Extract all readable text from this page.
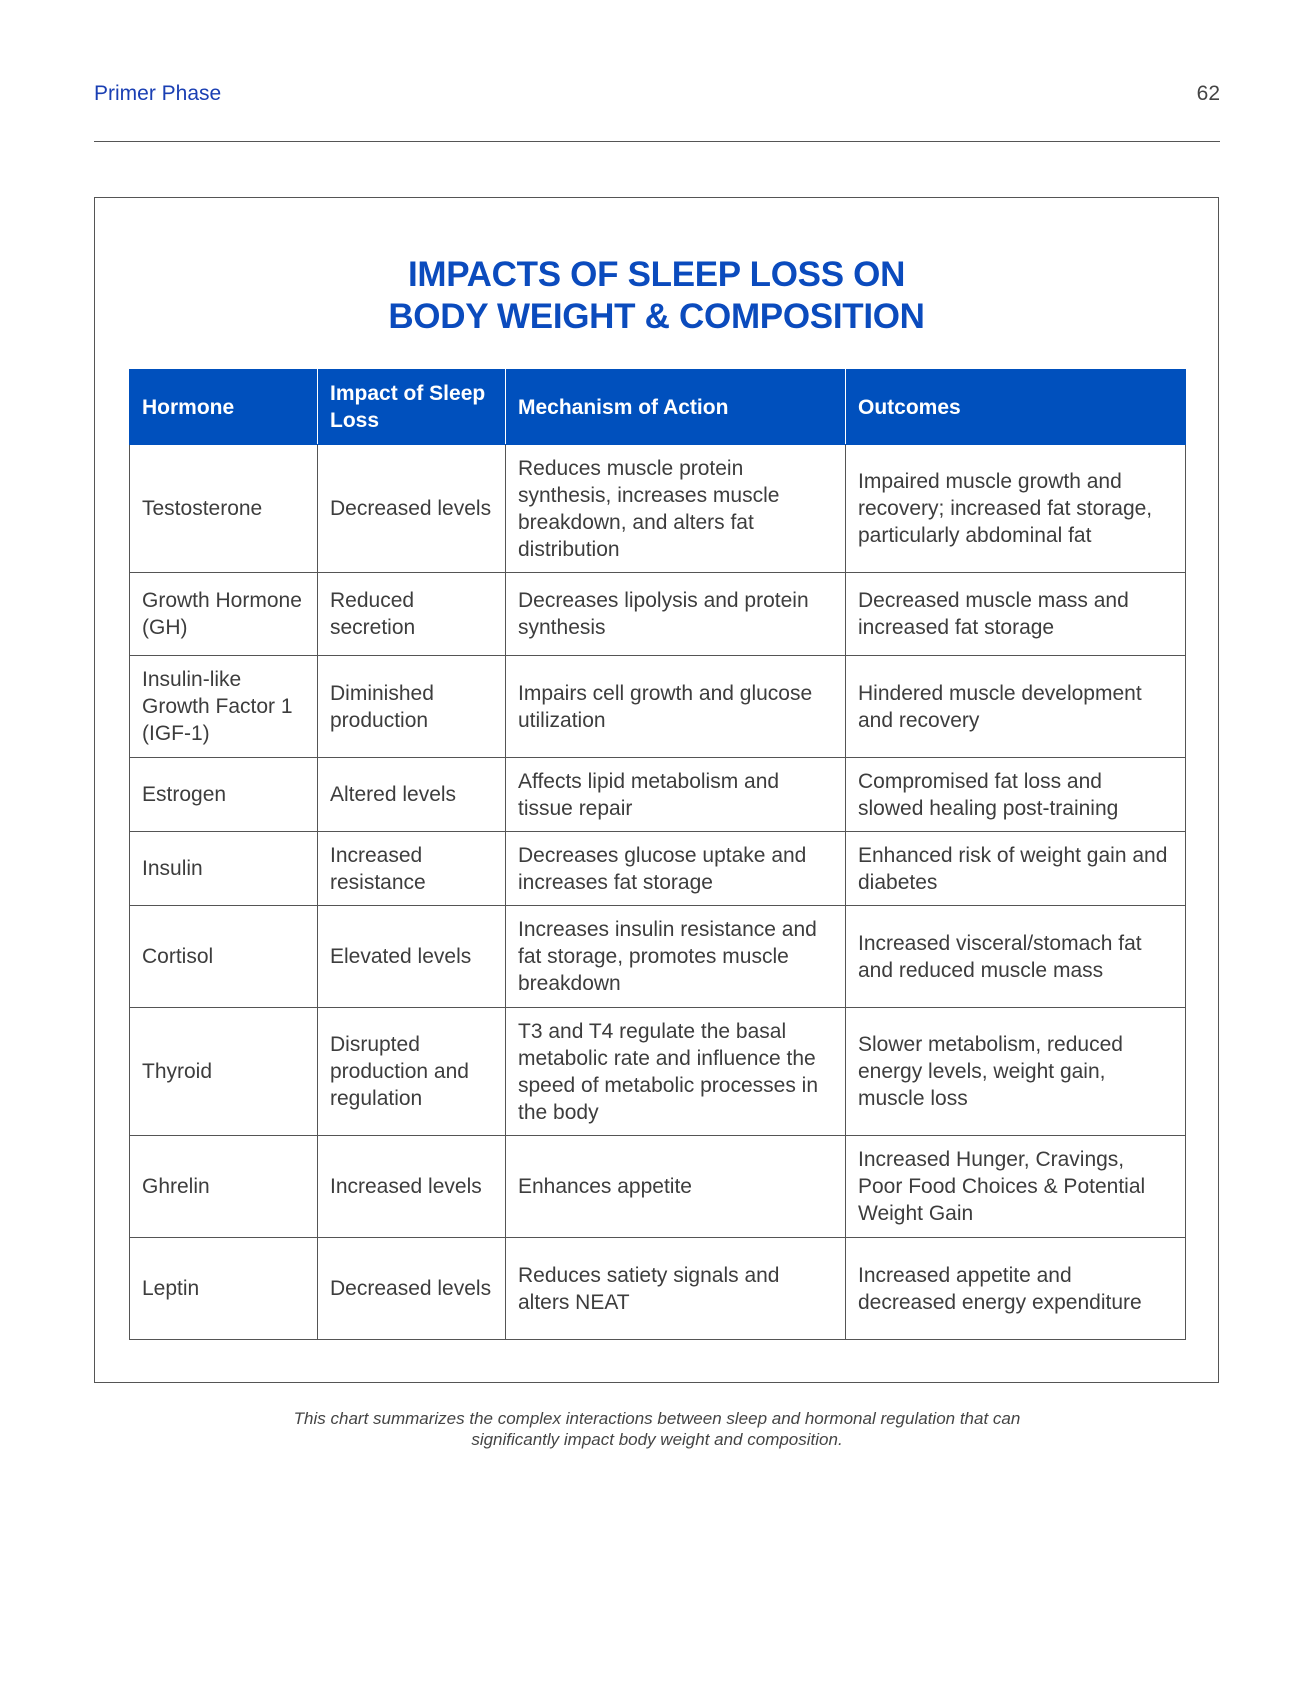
Primer Phase	62
IMPACTS OF SLEEP LOSS ON
BODY WEIGHT & COMPOSITION
Hormone	Impact of Sleep Loss	Mechanism of Action	Outcomes
Testosterone	Decreased levels	Reduces muscle protein synthesis, increases muscle breakdown, and alters fat distribution	Impaired muscle growth and recovery; increased fat storage, particularly abdominal fat
Growth Hormone (GH)	Reduced secretion	Decreases lipolysis and protein synthesis	Decreased muscle mass and increased fat storage
Insulin-like Growth Factor 1 (IGF-1)	Diminished production	Impairs cell growth and glucose utilization	Hindered muscle development and recovery
Estrogen	Altered levels	Affects lipid metabolism and tissue repair	Compromised fat loss and slowed healing post-training
Insulin	Increased resistance	Decreases glucose uptake and increases fat storage	Enhanced risk of weight gain and diabetes
Cortisol	Elevated levels	Increases insulin resistance and fat storage, promotes muscle breakdown	Increased visceral/stomach fat and reduced muscle mass
Thyroid	Disrupted production and regulation	T3 and T4 regulate the basal metabolic rate and influence the speed of metabolic processes in the body	Slower metabolism, reduced energy levels, weight gain, muscle loss
Ghrelin	Increased levels	Enhances appetite	Increased Hunger, Cravings, Poor Food Choices & Potential Weight Gain
Leptin	Decreased levels	Reduces satiety signals and alters NEAT	Increased appetite and decreased energy expenditure
This chart summarizes the complex interactions between sleep and hormonal regulation that can
significantly impact body weight and composition.
